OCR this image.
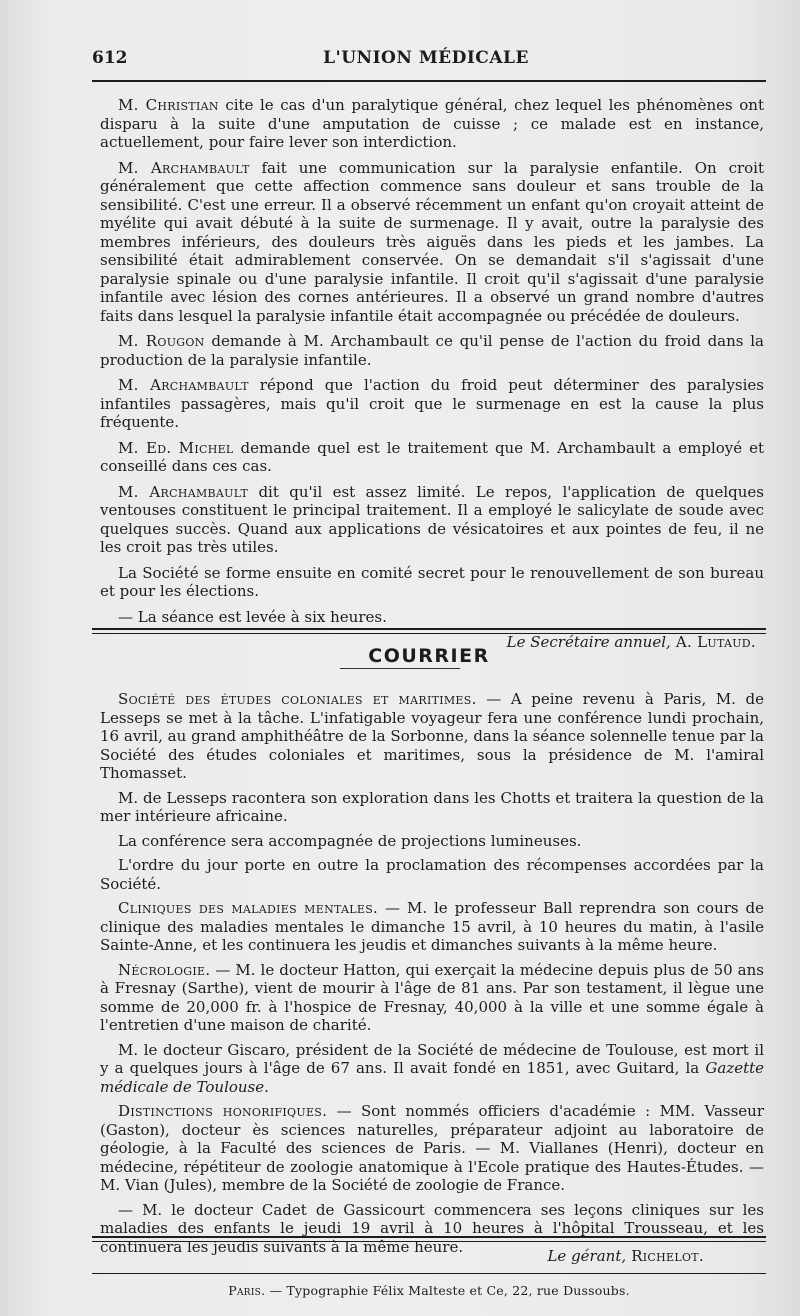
612	L'UNION MÉDICALE

M. Christian cite le cas d'un paralytique général, chez lequel les phénomènes ont disparu à la suite d'une amputation de cuisse ; ce malade est en instance, actuellement, pour faire lever son interdiction.

M. Archambault fait une communication sur la paralysie enfantile. On croit généralement que cette affection commence sans douleur et sans trouble de la sensibilité. C'est une erreur. Il a observé récemment un enfant qu'on croyait atteint de myélite qui avait débuté à la suite de surmenage. Il y avait, outre la paralysie des membres inférieurs, des douleurs très aiguës dans les pieds et les jambes. La sensibilité était admirablement conservée. On se demandait s'il s'agissait d'une paralysie spinale ou d'une paralysie infantile. Il croit qu'il s'agissait d'une paralysie infantile avec lésion des cornes antérieures. Il a observé un grand nombre d'autres faits dans lesquel la paralysie infantile était accompagnée ou précédée de douleurs.

M. Rougon demande à M. Archambault ce qu'il pense de l'action du froid dans la production de la paralysie infantile.

M. Archambault répond que l'action du froid peut déterminer des paralysies infantiles passagères, mais qu'il croit que le surmenage en est la cause la plus fréquente.

M. Ed. Michel demande quel est le traitement que M. Archambault a employé et conseillé dans ces cas.

M. Archambault dit qu'il est assez limité. Le repos, l'application de quelques ventouses constituent le principal traitement. Il a employé le salicylate de soude avec quelques succès. Quand aux applications de vésicatoires et aux pointes de feu, il ne les croit pas très utiles.

La Société se forme ensuite en comité secret pour le renouvellement de son bureau et pour les élections.

— La séance est levée à six heures.

Le Secrétaire annuel, A. Lutaud.

COURRIER

Société des études coloniales et maritimes. — A peine revenu à Paris, M. de Lesseps se met à la tâche. L'infatigable voyageur fera une conférence lundi prochain, 16 avril, au grand amphithéâtre de la Sorbonne, dans la séance solennelle tenue par la Société des études coloniales et maritimes, sous la présidence de M. l'amiral Thomasset.

M. de Lesseps racontera son exploration dans les Chotts et traitera la question de la mer intérieure africaine.

La conférence sera accompagnée de projections lumineuses.

L'ordre du jour porte en outre la proclamation des récompenses accordées par la Société.

Cliniques des maladies mentales. — M. le professeur Ball reprendra son cours de clinique des maladies mentales le dimanche 15 avril, à 10 heures du matin, à l'asile Sainte-Anne, et les continuera les jeudis et dimanches suivants à la même heure.

Nécrologie. — M. le docteur Hatton, qui exerçait la médecine depuis plus de 50 ans à Fresnay (Sarthe), vient de mourir à l'âge de 81 ans. Par son testament, il lègue une somme de 20,000 fr. à l'hospice de Fresnay, 40,000 à la ville et une somme égale à l'entretien d'une maison de charité.

M. le docteur Giscaro, président de la Société de médecine de Toulouse, est mort il y a quelques jours à l'âge de 67 ans. Il avait fondé en 1851, avec Guitard, la Gazette médicale de Toulouse.

Distinctions honorifiques. — Sont nommés officiers d'académie : MM. Vasseur (Gaston), docteur ès sciences naturelles, préparateur adjoint au laboratoire de géologie, à la Faculté des sciences de Paris. — M. Viallanes (Henri), docteur en médecine, répétiteur de zoologie anatomique à l'Ecole pratique des Hautes-Études. — M. Vian (Jules), membre de la Société de zoologie de France.

— M. le docteur Cadet de Gassicourt commencera ses leçons cliniques sur les maladies des enfants le jeudi 19 avril à 10 heures à l'hôpital Trousseau, et les continuera les jeudis suivants à la même heure.

Le gérant, Richelot.
Paris. — Typographie Félix Malteste et Ce, 22, rue Dussoubs.
